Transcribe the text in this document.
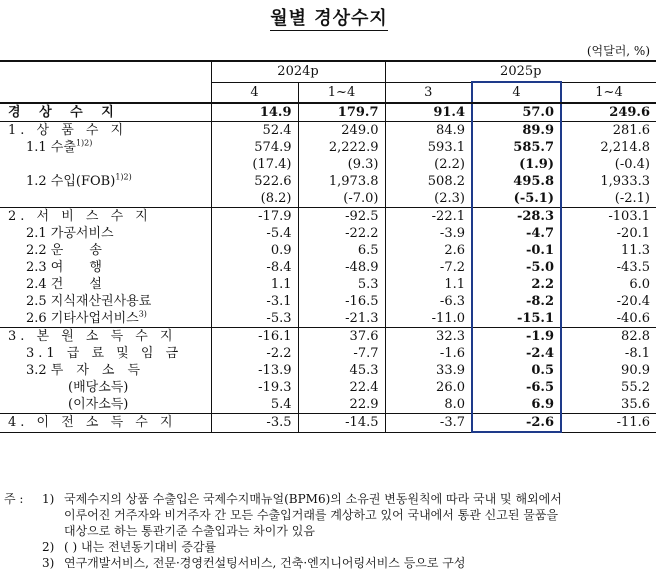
월별 경상수지
(억달러, %)
	2024p		2025p		
	4	1~4	3	4	1~4
경 상 수 지	14.9	179.7	91.4	57.0	249.6
1. 상 품 수 지	52.4	249.0	84.9	89.9	281.6
1.1 수출$^{1)2)}$	574.9	2,222.9	593.1	585.7	2,214.8
	(17.4)	(9.3)	(2.2)	(1.9)	(-0.4)
1.2 수입(FOB)$^{1)2)}$	522.6	1,973.8	508.2	495.8	1,933.3
	(8.2)	(-7.0)	(2.3)	(-5.1)	(-2.1)
2. 서 비 스 수 지	-17.9	-92.5	-22.1	-28.3	-103.1
2.1 가공서비스	-5.4	-22.2	-3.9	-4.7	-20.1
2.2 운　　송	0.9	6.5	2.6	-0.1	11.3
2.3 여　　행	-8.4	-48.9	-7.2	-5.0	-43.5
2.4 건　　설	1.1	5.3	1.1	2.2	6.0
2.5 지식재산권사용료	-3.1	-16.5	-6.3	-8.2	-20.4
2.6 기타사업서비스$^{3)}$	-5.3	-21.3	-11.0	-15.1	-40.6
3. 본 원 소 득 수 지	-16.1	37.6	32.3	-1.9	82.8
3.1 급 료 및 임 금	-2.2	-7.7	-1.6	-2.4	-8.1
3.2 투　자　소　득	-13.9	45.3	33.9	0.5	90.9
(배당소득)	-19.3	22.4	26.0	-6.5	55.2
(이자소득)	5.4	22.9	8.0	6.9	35.6
4. 이 전 소 득 수 지	-3.5	-14.5	-3.7	-2.6	-11.6
주 :	1) 국제수지의 상품 수출입은 국제수지매뉴얼(BPM6)의 소유권 변동원칙에 따라 국내 및 해외에서
이루어진 거주자와 비거주자 간 모든 수출입거래를 계상하고 있어 국내에서 통관 신고된 물품을
대상으로 하는 통관기준 수출입과는 차이가 있음
2) ( ) 내는 전년동기대비 증감률
3) 연구개발서비스, 전문·경영컨설팅서비스, 건축·엔지니어링서비스 등으로 구성
